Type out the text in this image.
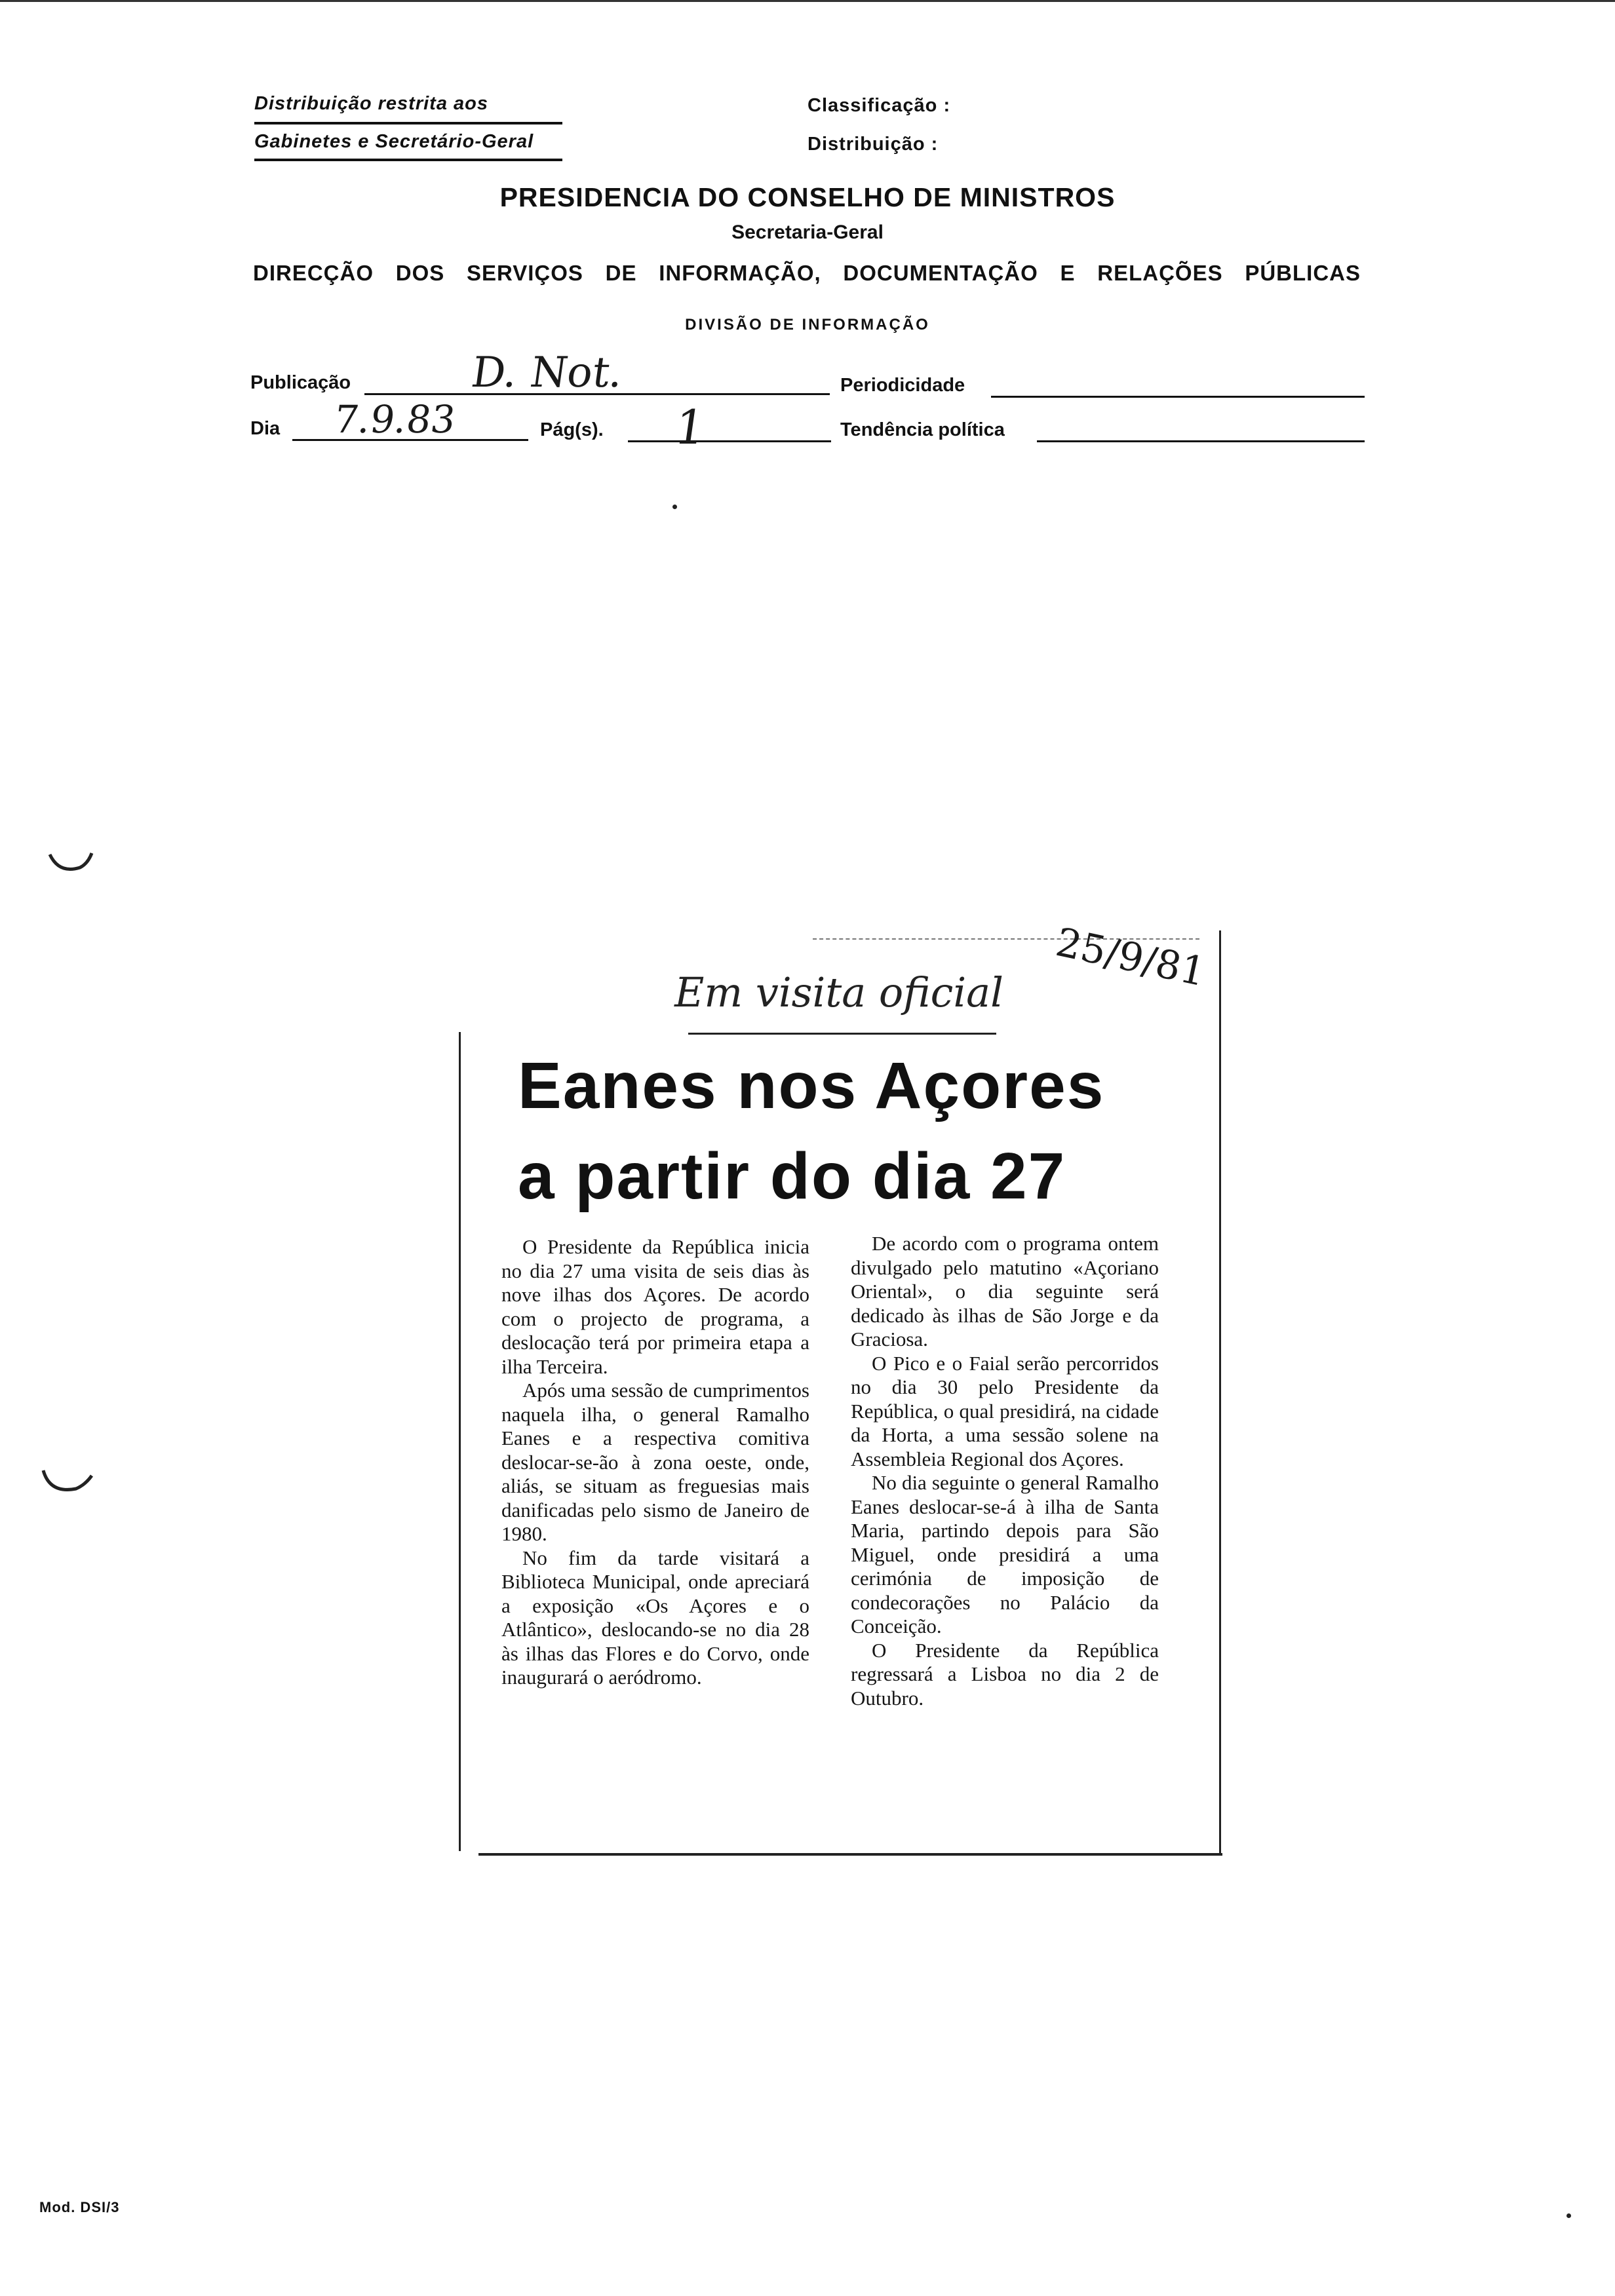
Distribuição restrita aos
Gabinetes e Secretário-Geral
Classificação :
Distribuição :
PRESIDENCIA DO CONSELHO DE MINISTROS
Secretaria-Geral
DIRECÇÃO DOS SERVIÇOS DE INFORMAÇÃO, DOCUMENTAÇÃO E RELAÇÕES PÚBLICAS
DIVISÃO DE INFORMAÇÃO
Publicação	D. Not.	Periodicidade
Dia 7.9.83	Pág(s). 1	Tendência política
Em visita oficial 25/9/81
Eanes nos Açores
a partir do dia 27

O Presidente da República inicia no dia 27 uma visita de seis dias às nove ilhas dos Açores. De acordo com o projecto de programa, a deslocação terá por primeira etapa a ilha Terceira.

Após uma sessão de cumprimentos naquela ilha, o general Ramalho Eanes e a respectiva comitiva deslocar-se-ão à zona oeste, onde, aliás, se situam as freguesias mais danificadas pelo sismo de Janeiro de 1980.

No fim da tarde visitará a Biblioteca Municipal, onde apreciará a exposição «Os Açores e o Atlântico», deslocando-se no dia 28 às ilhas das Flores e do Corvo, onde inaugurará o aeródromo.

De acordo com o programa ontem divulgado pelo matutino «Açoriano Oriental», o dia seguinte será dedicado às ilhas de São Jorge e da Graciosa.

O Pico e o Faial serão percorridos no dia 30 pelo Presidente da República, o qual presidirá, na cidade da Horta, a uma sessão solene na Assembleia Regional dos Açores.

No dia seguinte o general Ramalho Eanes deslocar-se-á à ilha de Santa Maria, partindo depois para São Miguel, onde presidirá a uma cerimónia de imposição de condecorações no Palácio da Conceição.

O Presidente da República regressará a Lisboa no dia 2 de Outubro.

Mod. DSI/3
